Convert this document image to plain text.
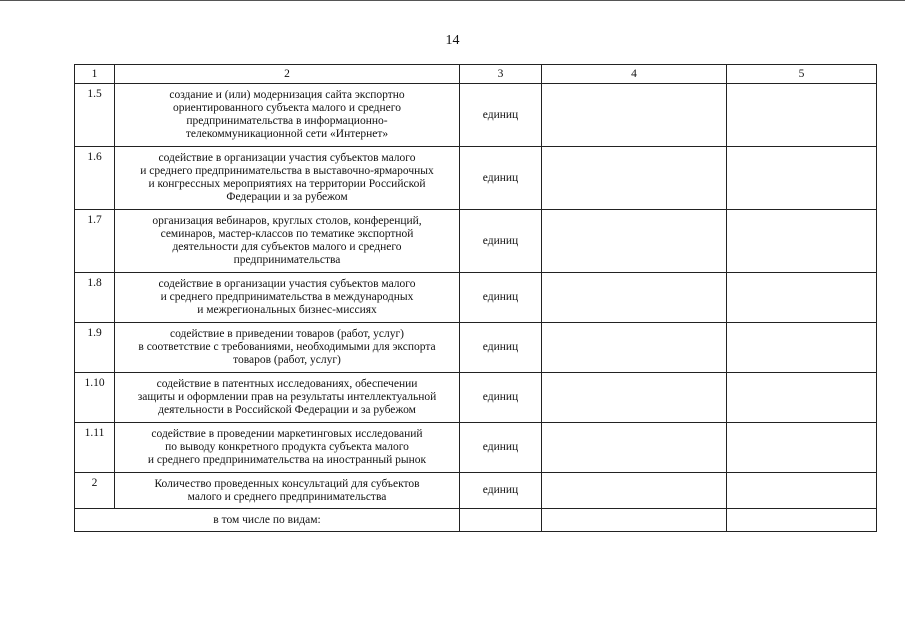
14
1	2	3	4	5
1.5	создание и (или) модернизация сайта экспортно
ориентированного субъекта малого и среднего
предпринимательства в информационно-
телекоммуникационной сети «Интернет»	единиц		
1.6	содействие в организации участия субъектов малого
и среднего предпринимательства в выставочно-ярмарочных
и конгрессных мероприятиях на территории Российской
Федерации и за рубежом	единиц		
1.7	организация вебинаров, круглых столов, конференций,
семинаров, мастер-классов по тематике экспортной
деятельности для субъектов малого и среднего
предпринимательства	единиц		
1.8	содействие в организации участия субъектов малого
и среднего предпринимательства в международных
и межрегиональных бизнес-миссиях	единиц		
1.9	содействие в приведении товаров (работ, услуг)
в соответствие с требованиями, необходимыми для экспорта
товаров (работ, услуг)	единиц		
1.10	содействие в патентных исследованиях, обеспечении
защиты и оформлении прав на результаты интеллектуальной
деятельности в Российской Федерации и за рубежом	единиц		
1.11	содействие в проведении маркетинговых исследований
по выводу конкретного продукта субъекта малого
и среднего предпринимательства на иностранный рынок	единиц		
2	Количество проведенных консультаций для субъектов
малого и среднего предпринимательства	единиц		
в том числе по видам:				
